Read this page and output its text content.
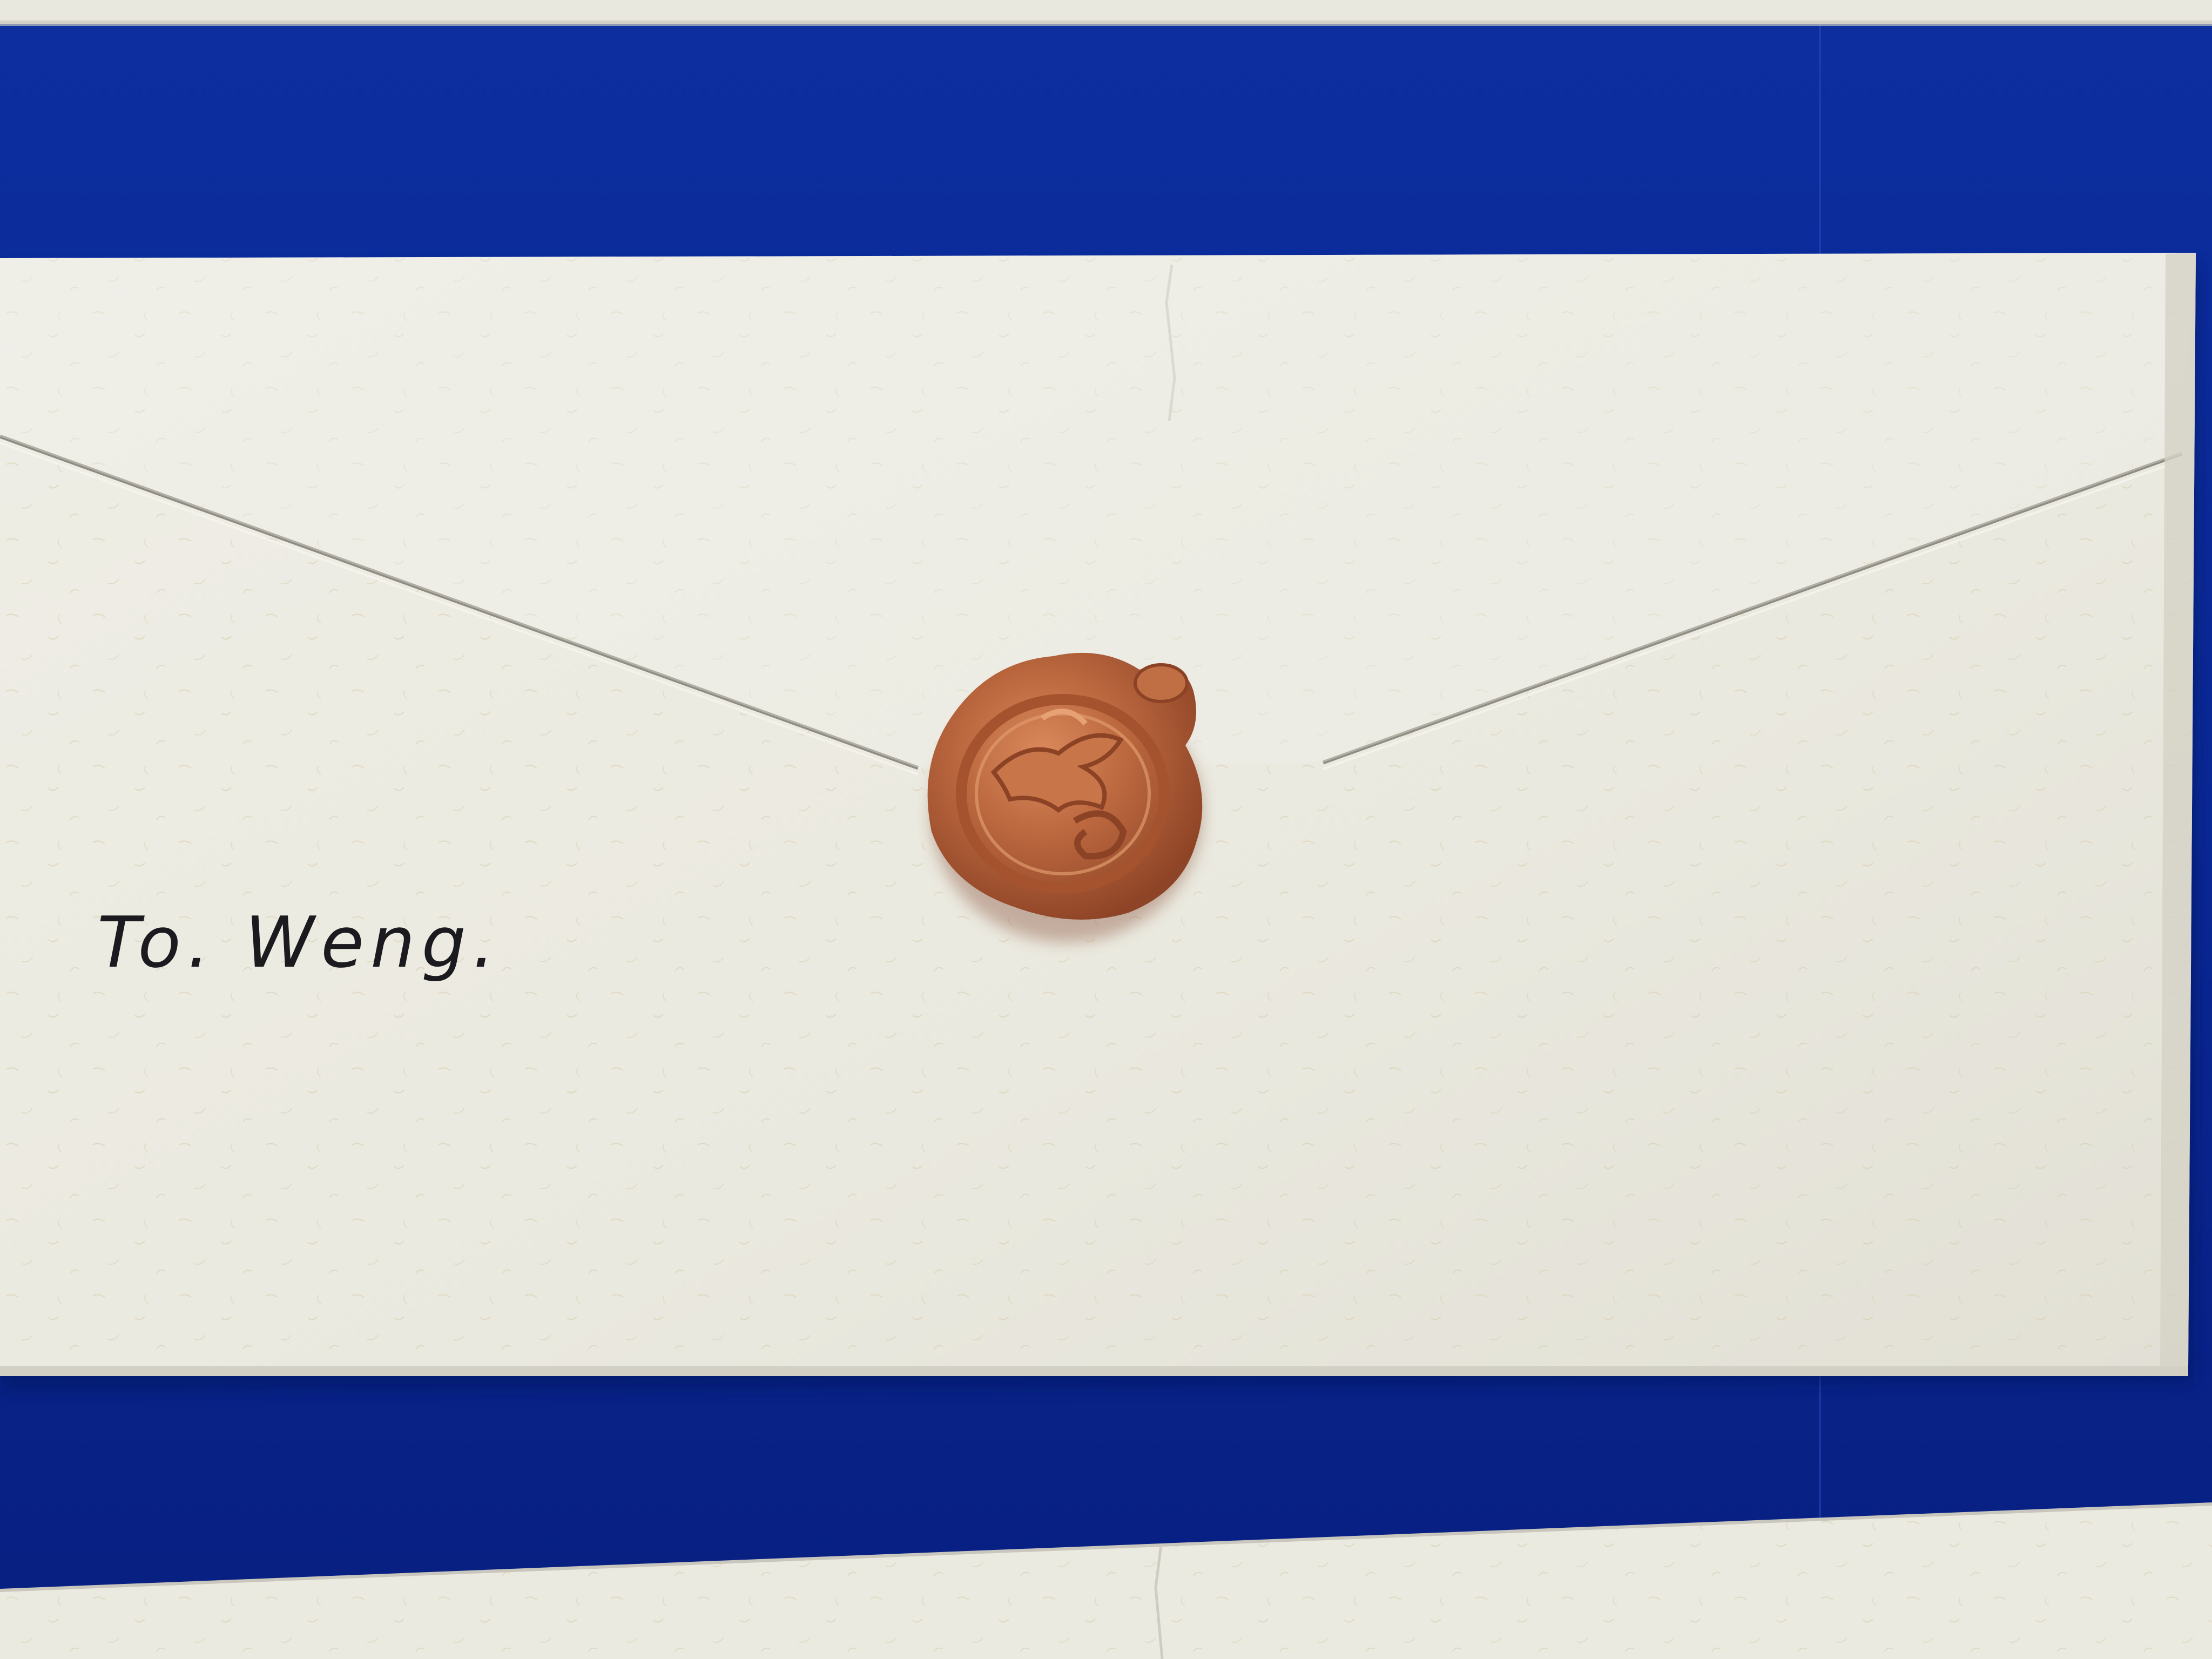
To. Weng.
